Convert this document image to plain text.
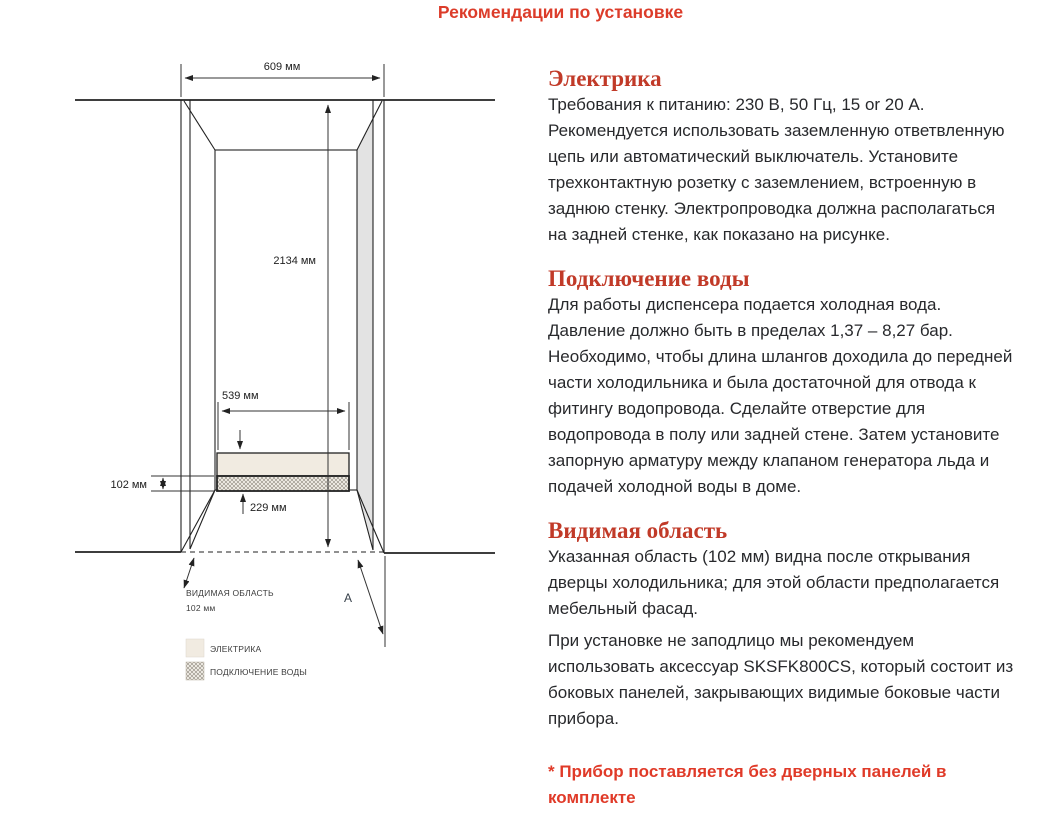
Рекомендации по установке
609 мм
2134 мм
539 мм
102 мм
229 мм
ВИДИМАЯ ОБЛАСТЬ
102 мм
A
ЭЛЕКТРИКА
ПОДКЛЮЧЕНИЕ ВОДЫ
Электрика

Требования к питанию: 230 В, 50 Гц, 15 or 20 А. Рекомендуется использовать заземленную ответвленную цепь или автоматический выключатель. Установите трехконтактную розетку с заземлением, встроенную в заднюю стенку. Электропроводка должна располагаться на задней стенке, как показано на рисунке.

Подключение воды

Для работы диспенсера подается холодная вода. Давление должно быть в пределах 1,37 – 8,27 бар. Необходимо, чтобы длина шлангов доходила до передней части холодильника и была достаточной для отвода к фитингу водопровода. Сделайте отверстие для водопровода в полу или задней стене. Затем установите запорную арматуру между клапаном генератора льда и подачей холодной воды в доме.

Видимая область

Указанная область (102 мм) видна после открывания дверцы холодильника; для этой области предполагается мебельный фасад.

При установке не заподлицо мы рекомендуем использовать аксессуар SKSFK800CS, который состоит из боковых панелей, закрывающих видимые боковые части прибора.

* Прибор поставляется без дверных панелей в комплекте
